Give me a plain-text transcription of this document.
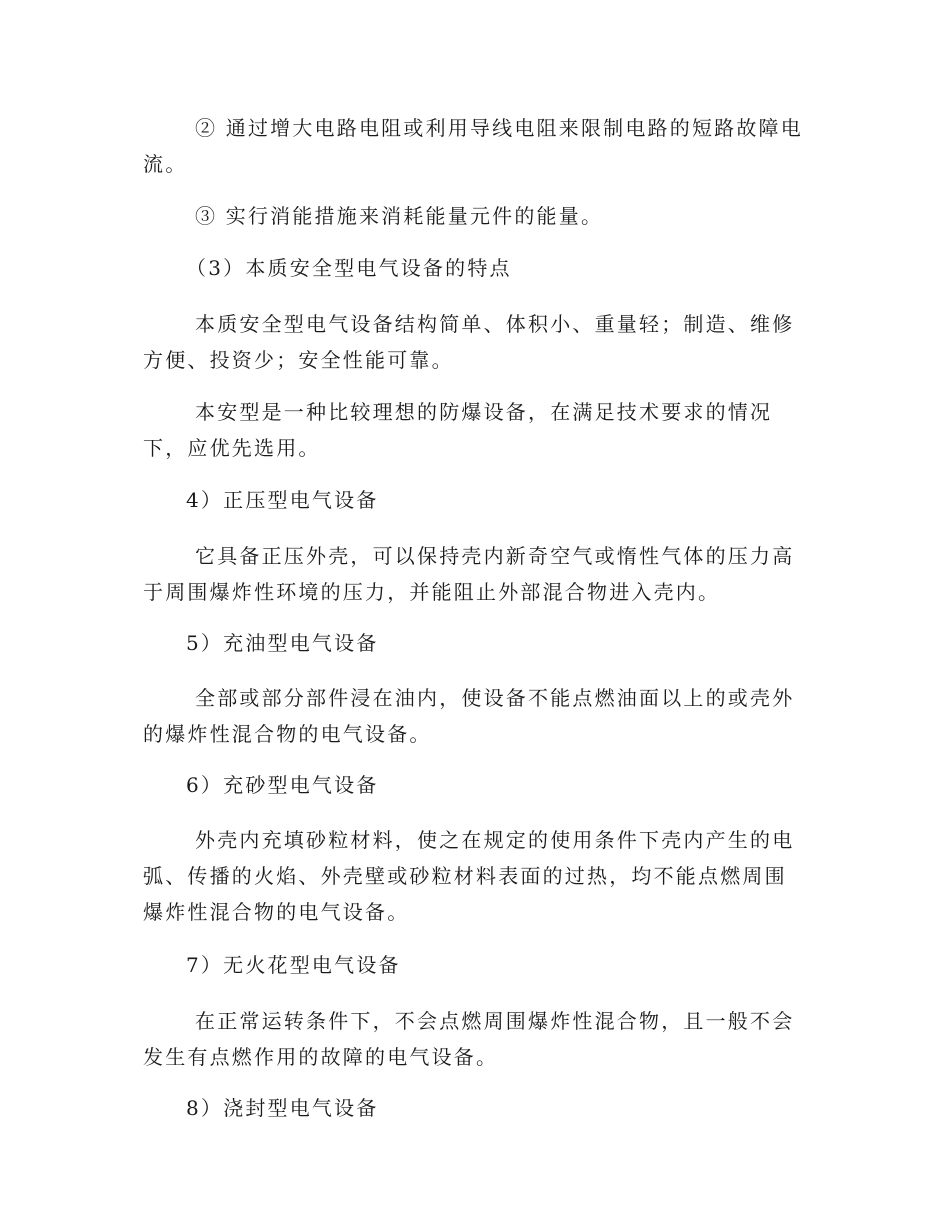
② 通过增大电路电阻或利用导线电阻来限制电路的短路故障电流。

③ 实行消能措施来消耗能量元件的能量。

（3）本质安全型电气设备的特点

本质安全型电气设备结构简单、体积小、重量轻；制造、维修方便、投资少；安全性能可靠。

本安型是一种比较理想的防爆设备，在满足技术要求的情况下，应优先选用。

4）正压型电气设备

它具备正压外壳，可以保持壳内新奇空气或惰性气体的压力高于周围爆炸性环境的压力，并能阻止外部混合物进入壳内。

5）充油型电气设备

全部或部分部件浸在油内，使设备不能点燃油面以上的或壳外的爆炸性混合物的电气设备。

6）充砂型电气设备

外壳内充填砂粒材料，使之在规定的使用条件下壳内产生的电弧、传播的火焰、外壳壁或砂粒材料表面的过热，均不能点燃周围爆炸性混合物的电气设备。

7）无火花型电气设备

在正常运转条件下，不会点燃周围爆炸性混合物，且一般不会发生有点燃作用的故障的电气设备。

8）浇封型电气设备
